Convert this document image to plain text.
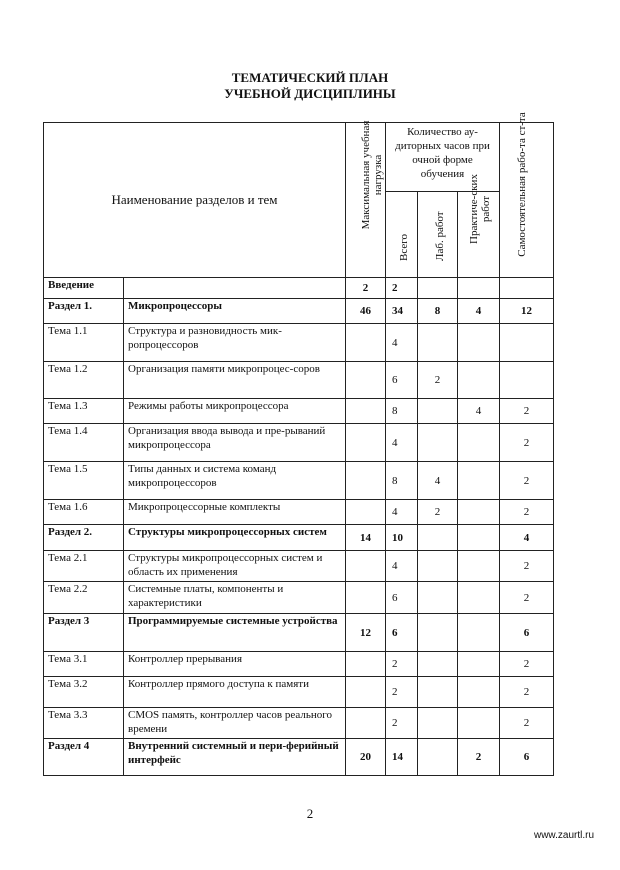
ТЕМАТИЧЕСКИЙ ПЛАН
УЧЕБНОЙ ДИСЦИПЛИНЫ
Наименование разделов и тем		Максимальная учебная нагрузка	Количество ау-диторных часов при очной форме обучения			Самостоятельная рабо-та ст-та

			Всего	Лаб. работ	Практиче-ских работ	

Введение		2	2			
Раздел 1.	Микропроцессоры	46	34	8	4	12
Тема 1.1	Структура и разновидность мик-ропроцессоров		4			
Тема 1.2	Организация памяти микропроцес-соров		6	2		
Тема 1.3	Режимы работы микропроцессора		8		4	2
Тема 1.4	Организация ввода вывода и пре-рываний микропроцессора		4			2
Тема 1.5	Типы данных и система команд микропроцессоров		8	4		2
Тема 1.6	Микропроцессорные комплекты		4	2		2
Раздел 2.	Структуры микропроцессорных систем	14	10			4
Тема 2.1	Структуры микропроцессорных систем и область их применения		4			2
Тема 2.2	Системные платы, компоненты и характеристики		6			2
Раздел 3	Программируемые системные устройства	12	6			6
Тема 3.1	Контроллер прерывания		2			2
Тема 3.2	Контроллер прямого доступа к памяти		2			2
Тема 3.3	CMOS память, контроллер часов реального времени		2			2
Раздел 4	Внутренний системный и пери-ферийный интерфейс	20	14		2	6
2
www.zaurtl.ru
